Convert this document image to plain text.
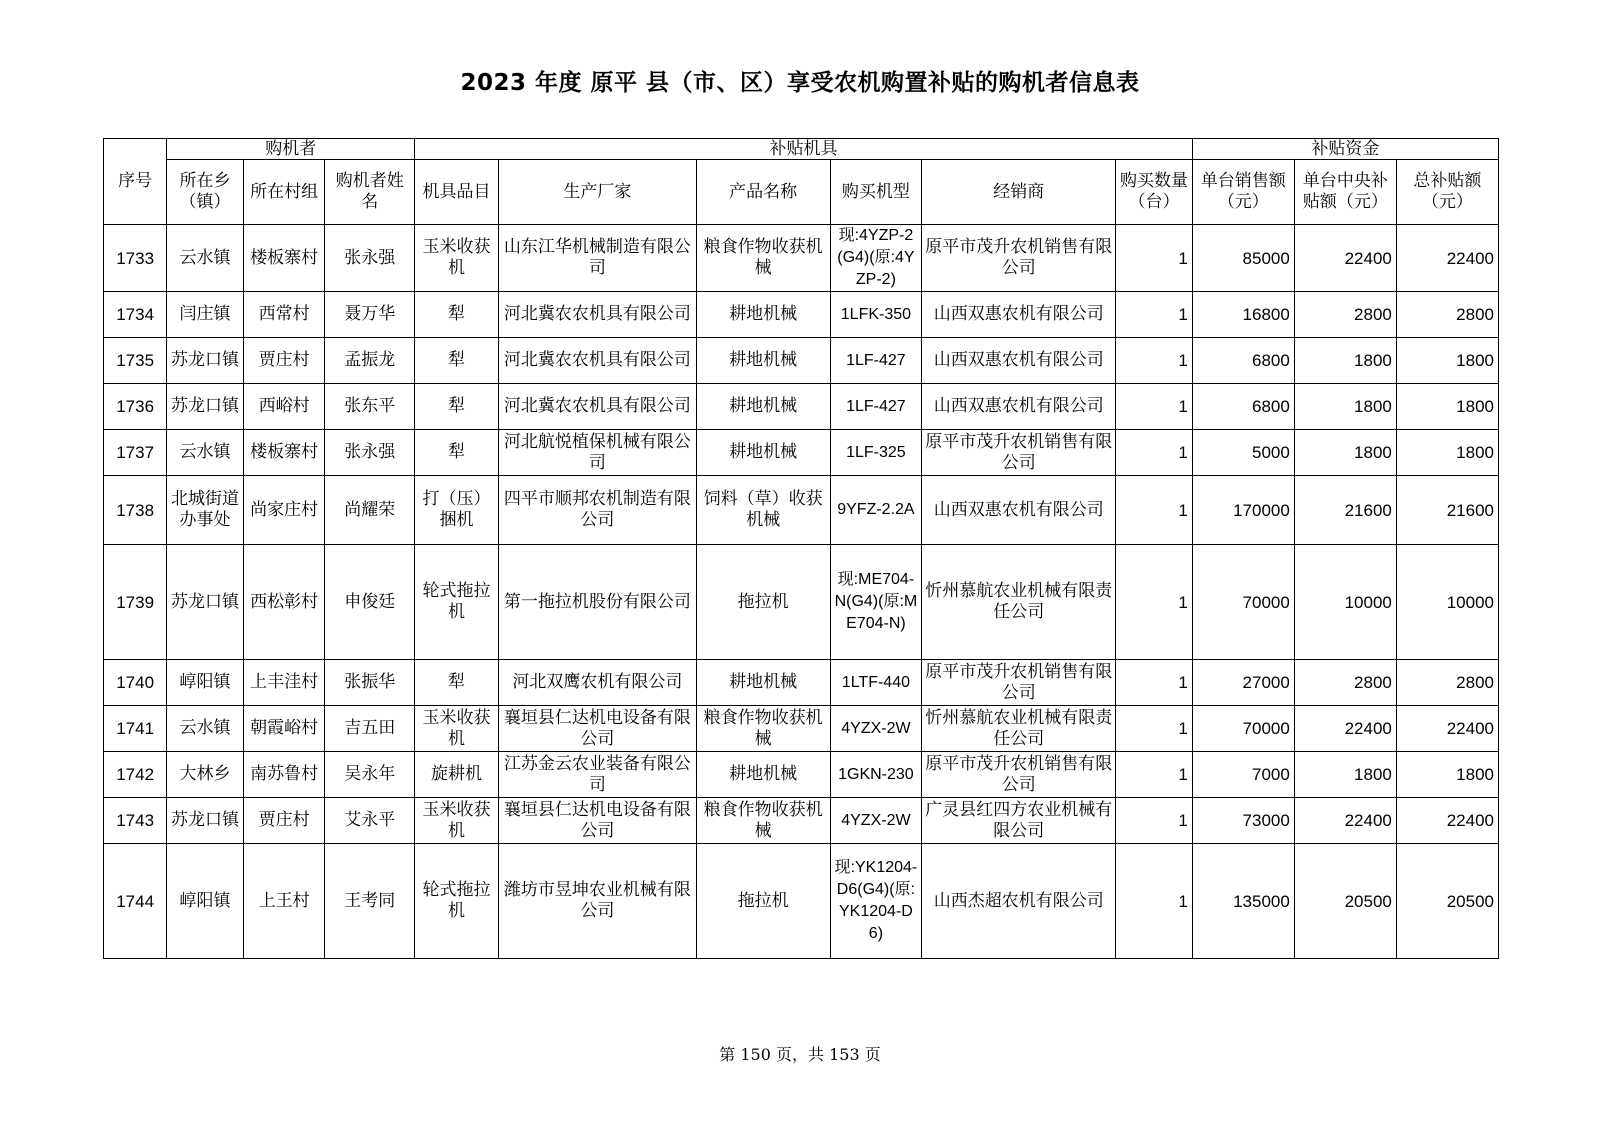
2023 年度 原平 县（市、区）享受农机购置补贴的购机者信息表
序号	购机者			补贴机具						补贴资金		
	所在乡（镇）	所在村组	购机者姓名	机具品目	生产厂家	产品名称	购买机型	经销商	购买数量（台）	单台销售额（元）	单台中央补贴额（元）	总补贴额（元）
1733	云水镇	楼板寨村	张永强	玉米收获机	山东江华机械制造有限公司	粮食作物收获机械	现:4YZP-2(G4)(原:4YZP-2)	原平市茂升农机销售有限公司	1	85000	22400	22400
1734	闫庄镇	西常村	聂万华	犁	河北冀农农机具有限公司	耕地机械	1LFK-350	山西双惠农机有限公司	1	16800	2800	2800
1735	苏龙口镇	贾庄村	孟振龙	犁	河北冀农农机具有限公司	耕地机械	1LF-427	山西双惠农机有限公司	1	6800	1800	1800
1736	苏龙口镇	西峪村	张东平	犁	河北冀农农机具有限公司	耕地机械	1LF-427	山西双惠农机有限公司	1	6800	1800	1800
1737	云水镇	楼板寨村	张永强	犁	河北航悦植保机械有限公司	耕地机械	1LF-325	原平市茂升农机销售有限公司	1	5000	1800	1800
1738	北城街道办事处	尚家庄村	尚耀荣	打（压）捆机	四平市顺邦农机制造有限公司	饲料（草）收获机械	9YFZ-2.2A	山西双惠农机有限公司	1	170000	21600	21600
1739	苏龙口镇	西松彰村	申俊廷	轮式拖拉机	第一拖拉机股份有限公司	拖拉机	现:ME704-N(G4)(原:ME704-N)	忻州慕航农业机械有限责任公司	1	70000	10000	10000
1740	崞阳镇	上丰洼村	张振华	犁	河北双鹰农机有限公司	耕地机械	1LTF-440	原平市茂升农机销售有限公司	1	27000	2800	2800
1741	云水镇	朝霞峪村	吉五田	玉米收获机	襄垣县仁达机电设备有限公司	粮食作物收获机械	4YZX-2W	忻州慕航农业机械有限责任公司	1	70000	22400	22400
1742	大林乡	南苏鲁村	吴永年	旋耕机	江苏金云农业装备有限公司	耕地机械	1GKN-230	原平市茂升农机销售有限公司	1	7000	1800	1800
1743	苏龙口镇	贾庄村	艾永平	玉米收获机	襄垣县仁达机电设备有限公司	粮食作物收获机械	4YZX-2W	广灵县红四方农业机械有限公司	1	73000	22400	22400
1744	崞阳镇	上王村	王考同	轮式拖拉机	潍坊市昱坤农业机械有限公司	拖拉机	现:YK1204-D6(G4)(原:YK1204-D6)	山西杰超农机有限公司	1	135000	20500	20500
第 150 页，共 153 页
